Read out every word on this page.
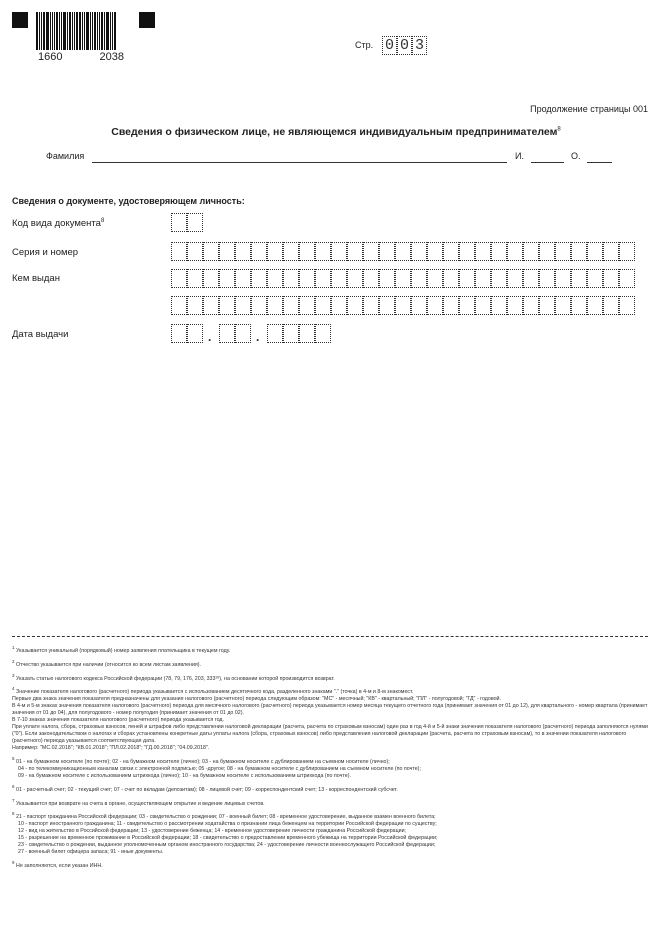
1660	2038
Стр. 0 0 3
Продолжение страницы 001
Сведения о физическом лице, не являющемся индивидуальным предпринимателем$^8$
Фамилия	И.	О.
Сведения о документе, удостоверяющем личность:
Код вида документа$^8$
Серия и номер
Кем выдан
Дата выдачи	.	.

$^1$ Указывается уникальный (порядковый) номер заявления плательщика в текущем году.

$^2$ Отчество указывается при наличии (относится ко всем листам заявления).

$^3$ Указать статью налогового кодекса Российской федерации (78, 79, 176, 203, 333¹⁰), на основании которой производится возврат.

$^4$ Значение показателя налогового (расчетного) периода указывается с использованием десятичного кода, разделенного знаками "." (точка) в 4-м и 8-м знакомест.

Первые два знака значения показателя предназначены для указания налогового (расчетного) периода следующим образом: "МС" - месячный; "КВ" - квартальный; "ПЛ" - полугодовой; "ГД" - годовой.

В 4-м и 5-м знаках значения показателя налогового (расчетного) периода для месячного налогового (расчетного) периода указывается номер месяца текущего отчетного года (принимает значения от 01 до 12), для квартального - номер квартала (принимает значения от 01 до 04), для полугодового - номер полугодия (принимает значения от 01 до 02).

В 7-10 знаках значения показателя налогового (расчетного) периода указывается год.

При уплате налога, сбора, страховых взносов, пеней и штрафов либо представлении налоговой декларации (расчета, расчета по страховым взносам) один раз в год 4-й и 5-й знаки значения показателя налогового (расчетного) периода заполняются нулями ("0"). Если законодательством о налогах и сборах установлены конкретные даты уплаты налога (сбора, страховых взносов) либо представления налоговой декларации (расчета, расчета по страховым взносам), то в значении показателя налогового (расчетного) периода указывается соответствующая дата.

Например: "МС.02.2018"; "КВ.01.2018"; "ПЛ.02.2018"; "ГД.00.2018"; "04.09.2018".

$^5$ 01 - на бумажном носителе (по почте); 02 - на бумажном носителе (лично); 03 - на бумажном носителе с дублированием на съемном носителе (лично);

04 - по телекоммуникационным каналам связи с электронной подписью; 05 -другое; 08 - на бумажном носителе с дублированием на съемном носителе (по почте);

09 - на бумажном носителе с использованием штрихкода (лично); 10 - на бумажном носителе с использованием штрихкода (по почте).

$^6$ 01 - расчетный счет; 02 - текущий счет; 07 - счет по вкладам (депозитам); 08 - лицевой счет; 09 - корреспондентский счет; 13 - корреспондентский субсчет.

$^7$ Указывается при возврате на счета в органе, осуществляющем открытие и ведение лицевых счетов.

$^8$ 21 - паспорт гражданина Российской федерации; 03 - свидетельство о рождении; 07 - военный билет; 08 - временное удостоверение, выданное взамен военного билета;

10 - паспорт иностранного гражданина; 11 - свидетельство о рассмотрении ходатайства о признании лица беженцем на территории Российской федерации по существу;

12 - вид на жительство в Российской федерации; 13 - удостоверение беженца; 14 - временное удостоверение личности гражданина Российской федерации;

15 - разрешение на временное проживание в Российской федерации; 18 - свидетельство о предоставлении временного убежища на территории Российской федерации;

23 - свидетельство о рождении, выданное уполномоченным органом иностранного государства; 24 - удостоверение личности военнослужащего Российской федерации;

27 - военный билет офицера запаса; 91 - иные документы.

$^9$ Не заполняются, если указан ИНН.
